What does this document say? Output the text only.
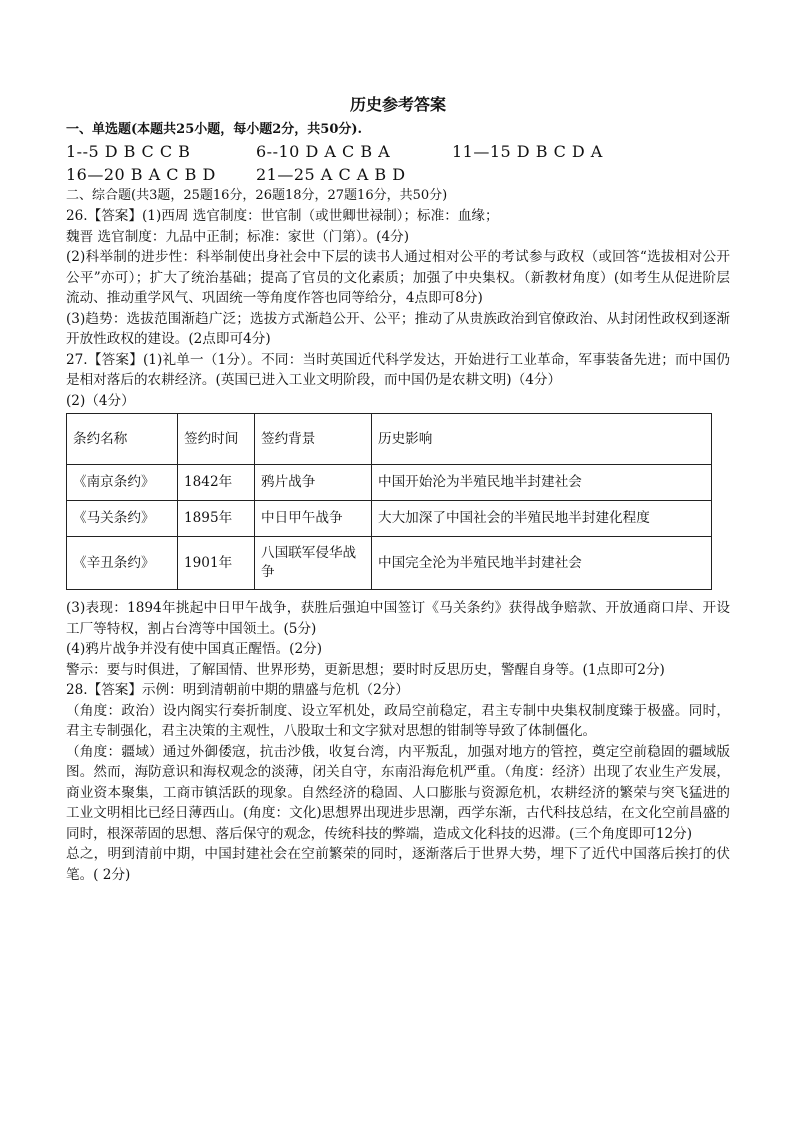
历史参考答案
一、单选题(本题共25小题，每小题2分，共50分).
1--5 D B C C B	6--10 D A C B A	11—15 D B C D A
16—20 B A C B D	21—25 A C A B D
二、综合题(共3题，25题16分，26题18分，27题16分，共50分)

26.【答案】(1)西周 选官制度：世官制（或世卿世禄制）；标准：血缘；

魏晋 选官制度：九品中正制；标准：家世（门第）。(4分)

(2)科举制的进步性：科举制使出身社会中下层的读书人通过相对公平的考试参与政权（或回答“选拔相对公开公平”亦可）；扩大了统治基础；提高了官员的文化素质；加强了中央集权。（新教材角度）(如考生从促进阶层流动、推动重学风气、巩固统一等角度作答也同等给分，4点即可8分)

(3)趋势：选拔范围渐趋广泛；选拔方式渐趋公开、公平；推动了从贵族政治到官僚政治、从封闭性政权到逐渐开放性政权的建设。(2点即可4分)

27.【答案】(1)礼单一（1分）。不同：当时英国近代科学发达，开始进行工业革命，军事装备先进；而中国仍是相对落后的农耕经济。(英国已进入工业文明阶段，而中国仍是农耕文明)（4分）

(2)（4分）

条约名称	签约时间	签约背景	历史影响
《南京条约》	1842年	鸦片战争	中国开始沦为半殖民地半封建社会
《马关条约》	1895年	中日甲午战争	大大加深了中国社会的半殖民地半封建化程度
《辛丑条约》	1901年	八国联军侵华战争	中国完全沦为半殖民地半封建社会

(3)表现：1894年挑起中日甲午战争，获胜后强迫中国签订《马关条约》获得战争赔款、开放通商口岸、开设工厂等特权，割占台湾等中国领土。(5分)

(4)鸦片战争并没有使中国真正醒悟。(2分)

警示：要与时俱进，了解国情、世界形势，更新思想；要时时反思历史，警醒自身等。(1点即可2分)

28.【答案】示例：明到清朝前中期的鼎盛与危机（2分）

（角度：政治）设内阁实行奏折制度、设立军机处，政局空前稳定，君主专制中央集权制度臻于极盛。同时，君主专制强化，君主决策的主观性，八股取士和文字狱对思想的钳制等导致了体制僵化。

（角度：疆域）通过外御倭寇，抗击沙俄，收复台湾，内平叛乱，加强对地方的管控，奠定空前稳固的疆域版图。然而，海防意识和海权观念的淡薄，闭关自守，东南沿海危机严重。（角度：经济）出现了农业生产发展，商业资本聚集，工商市镇活跃的现象。自然经济的稳固、人口膨胀与资源危机，农耕经济的繁荣与突飞猛进的工业文明相比已经日薄西山。(角度：文化)思想界出现进步思潮，西学东渐，古代科技总结，在文化空前昌盛的同时，根深蒂固的思想、落后保守的观念，传统科技的弊端，造成文化科技的迟滞。(三个角度即可12分)

总之，明到清前中期，中国封建社会在空前繁荣的同时，逐渐落后于世界大势，埋下了近代中国落后挨打的伏笔。( 2分)
